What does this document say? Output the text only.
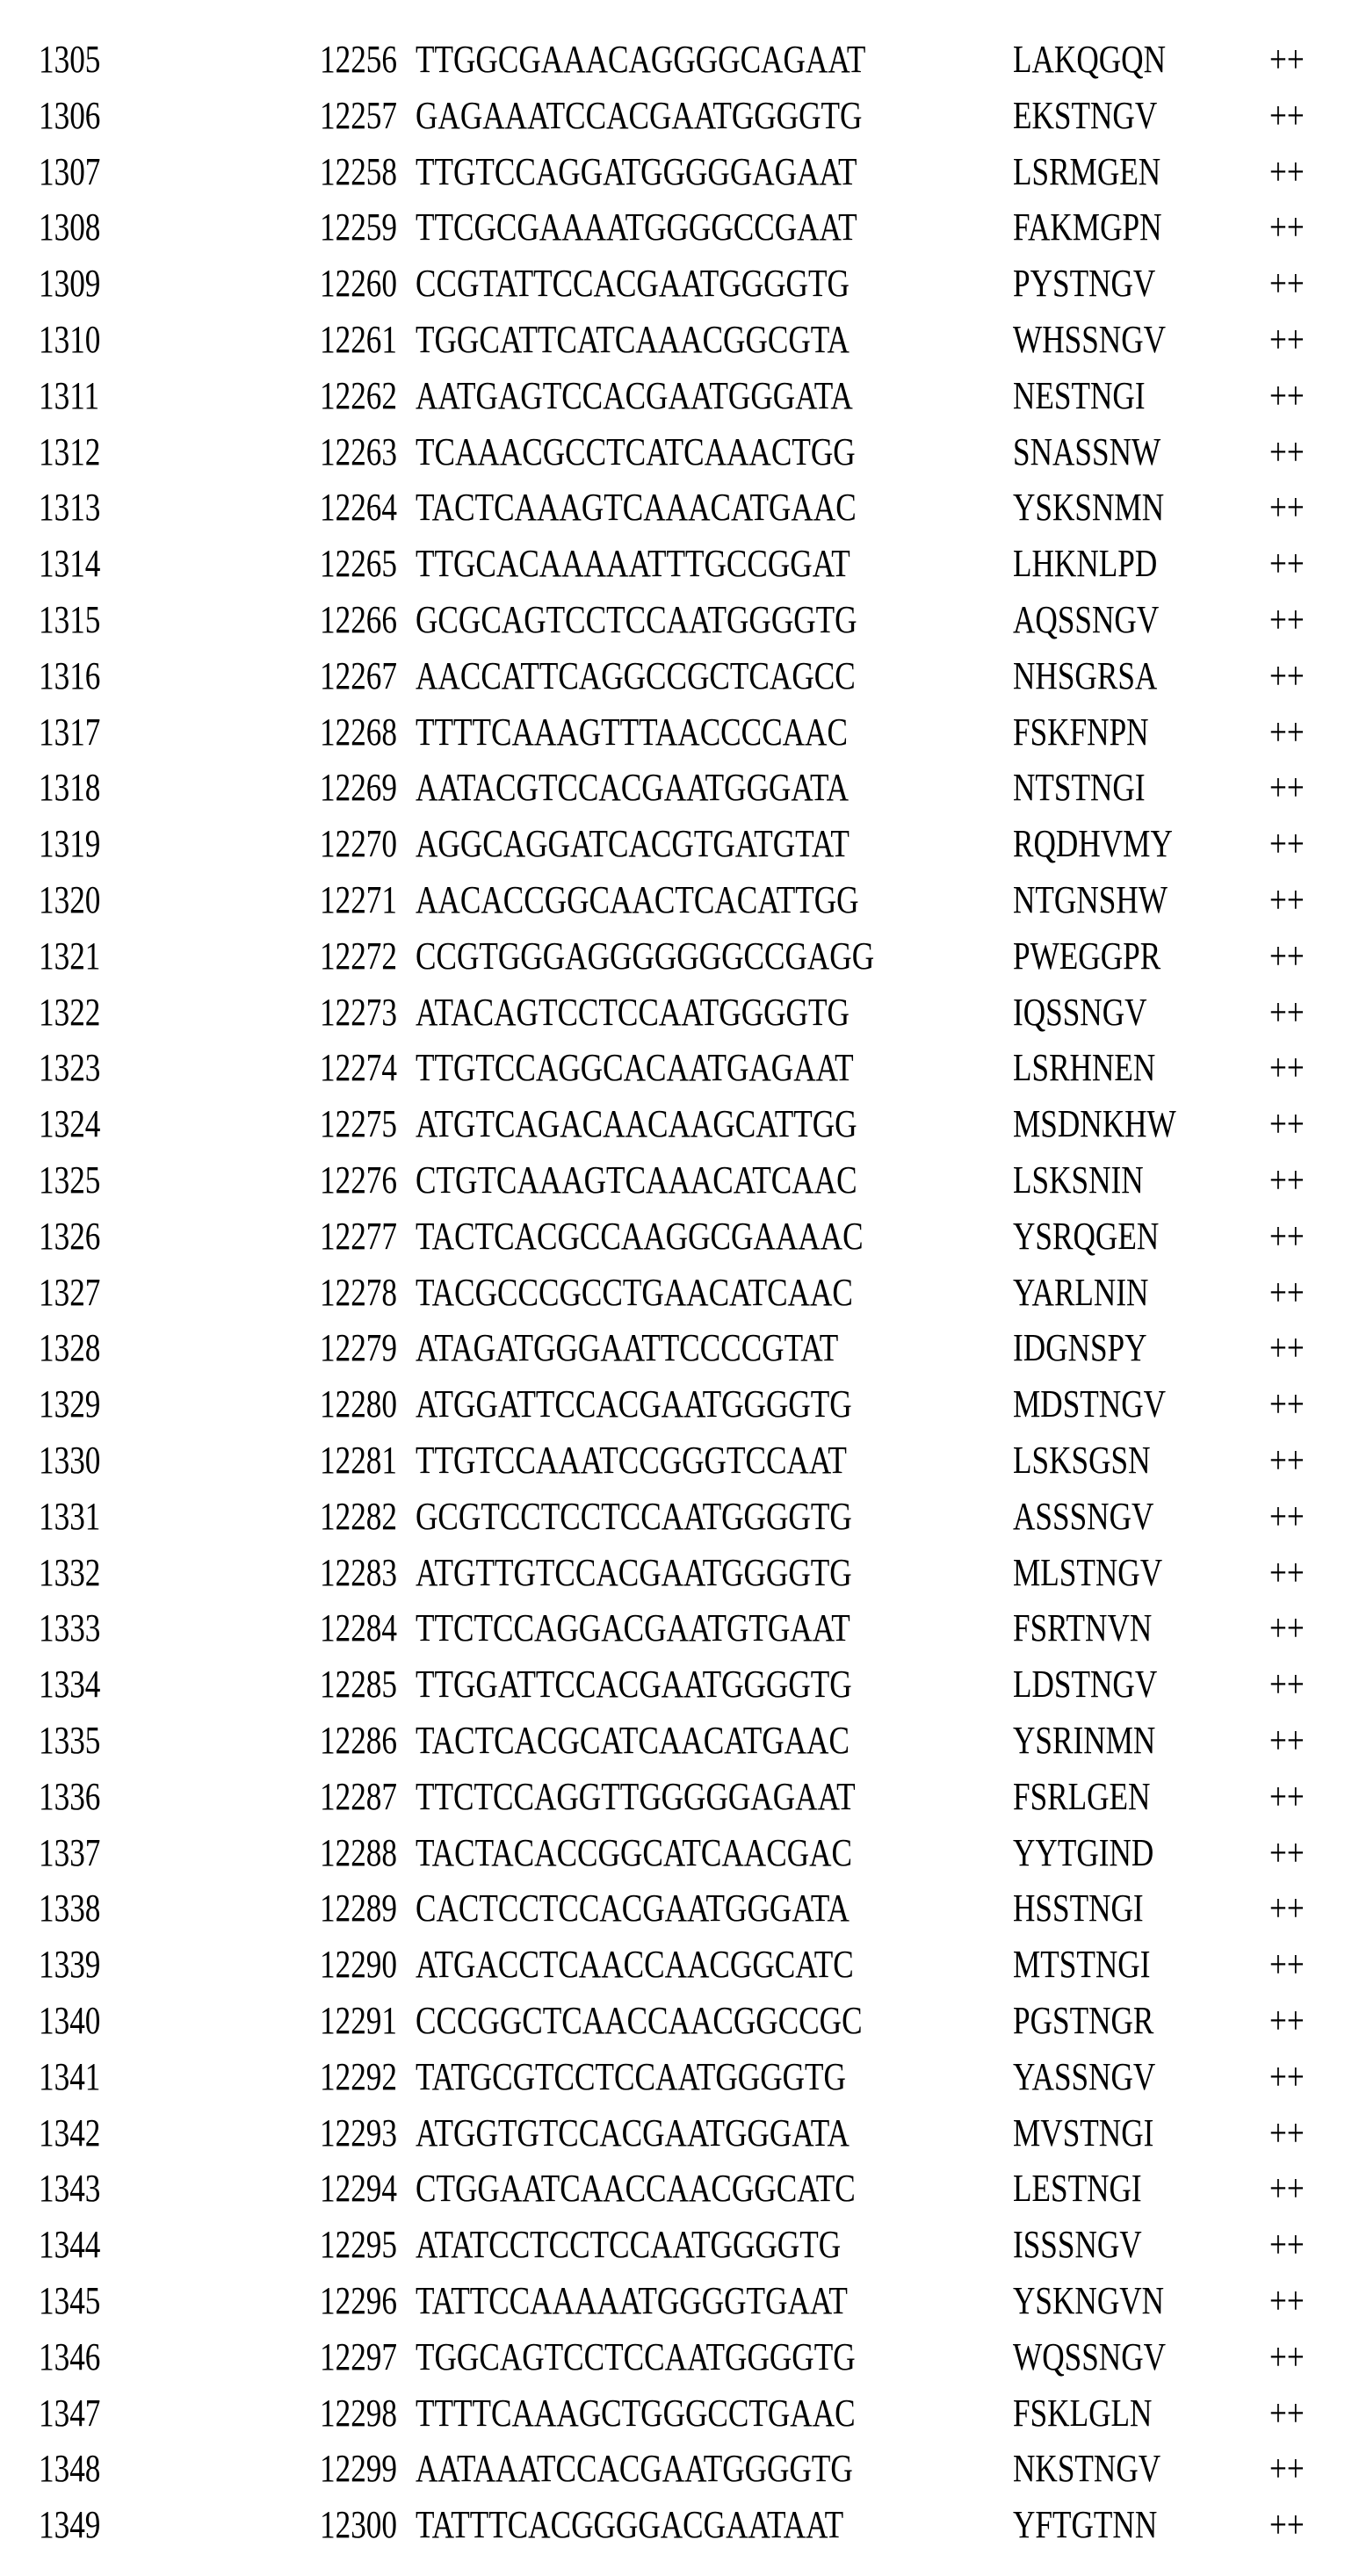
1305	12256 TTGGCGAAACAGGGGCAGAAT	LAKQGQN	++
1306	12257 GAGAAATCCACGAATGGGGTG	EKSTNGV	++
1307	12258 TTGTCCAGGATGGGGGAGAAT	LSRMGEN	++
1308	12259 TTCGCGAAAATGGGGCCGAAT	FAKMGPN	++
1309	12260 CCGTATTCCACGAATGGGGTG	PYSTNGV	++
1310	12261 TGGCATTCATCAAACGGCGTA	WHSSNGV	++
1311	12262 AATGAGTCCACGAATGGGATA	NESTNGI	++
1312	12263 TCAAACGCCTCATCAAACTGG	SNASSNW	++
1313	12264 TACTCAAAGTCAAACATGAAC	YSKSNMN	++
1314	12265 TTGCACAAAAATTTGCCGGAT	LHKNLPD	++
1315	12266 GCGCAGTCCTCCAATGGGGTG	AQSSNGV	++
1316	12267 AACCATTCAGGCCGCTCAGCC	NHSGRSA	++
1317	12268 TTTTCAAAGTTTAACCCCAAC	FSKFNPN	++
1318	12269 AATACGTCCACGAATGGGATA	NTSTNGI	++
1319	12270 AGGCAGGATCACGTGATGTAT	RQDHVMY	++
1320	12271 AACACCGGCAACTCACATTGG	NTGNSHW	++
1321	12272 CCGTGGGAGGGGGGGCCGAGG	PWEGGPR	++
1322	12273 ATACAGTCCTCCAATGGGGTG	IQSSNGV	++
1323	12274 TTGTCCAGGCACAATGAGAAT	LSRHNEN	++
1324	12275 ATGTCAGACAACAAGCATTGG	MSDNKHW ++
1325	12276 CTGTCAAAGTCAAACATCAAC	LSKSNIN	++
1326	12277 TACTCACGCCAAGGCGAAAAC	YSRQGEN	++
1327	12278 TACGCCCGCCTGAACATCAAC	YARLNIN	++
1328	12279 ATAGATGGGAATTCCCCGTAT	IDGNSPY	++
1329	12280 ATGGATTCCACGAATGGGGTG	MDSTNGV	++
1330	12281 TTGTCCAAATCCGGGTCCAAT	LSKSGSN	++
1331	12282 GCGTCCTCCTCCAATGGGGTG	ASSSNGV	++
1332	12283 ATGTTGTCCACGAATGGGGTG	MLSTNGV	++
1333	12284 TTCTCCAGGACGAATGTGAAT	FSRTNVN	++
1334	12285 TTGGATTCCACGAATGGGGTG	LDSTNGV	++
1335	12286 TACTCACGCATCAACATGAAC	YSRINMN	++
1336	12287 TTCTCCAGGTTGGGGGAGAAT	FSRLGEN	++
1337	12288 TACTACACCGGCATCAACGAC	YYTGIND	++
1338	12289 CACTCCTCCACGAATGGGATA	HSSTNGI	++
1339	12290 ATGACCTCAACCAACGGCATC	MTSTNGI	++
1340	12291 CCCGGCTCAACCAACGGCCGC	PGSTNGR	++
1341	12292 TATGCGTCCTCCAATGGGGTG	YASSNGV	++
1342	12293 ATGGTGTCCACGAATGGGATA	MVSTNGI	++
1343	12294 CTGGAATCAACCAACGGCATC	LESTNGI	++
1344	12295 ATATCCTCCTCCAATGGGGTG	ISSSNGV	++
1345	12296 TATTCCAAAAATGGGGTGAAT	YSKNGVN	++
1346	12297 TGGCAGTCCTCCAATGGGGTG	WQSSNGV	++
1347	12298 TTTTCAAAGCTGGGCCTGAAC	FSKLGLN	++
1348	12299 AATAAATCCACGAATGGGGTG	NKSTNGV	++
1349	12300 TATTTCACGGGGACGAATAAT	YFTGTNN	++
